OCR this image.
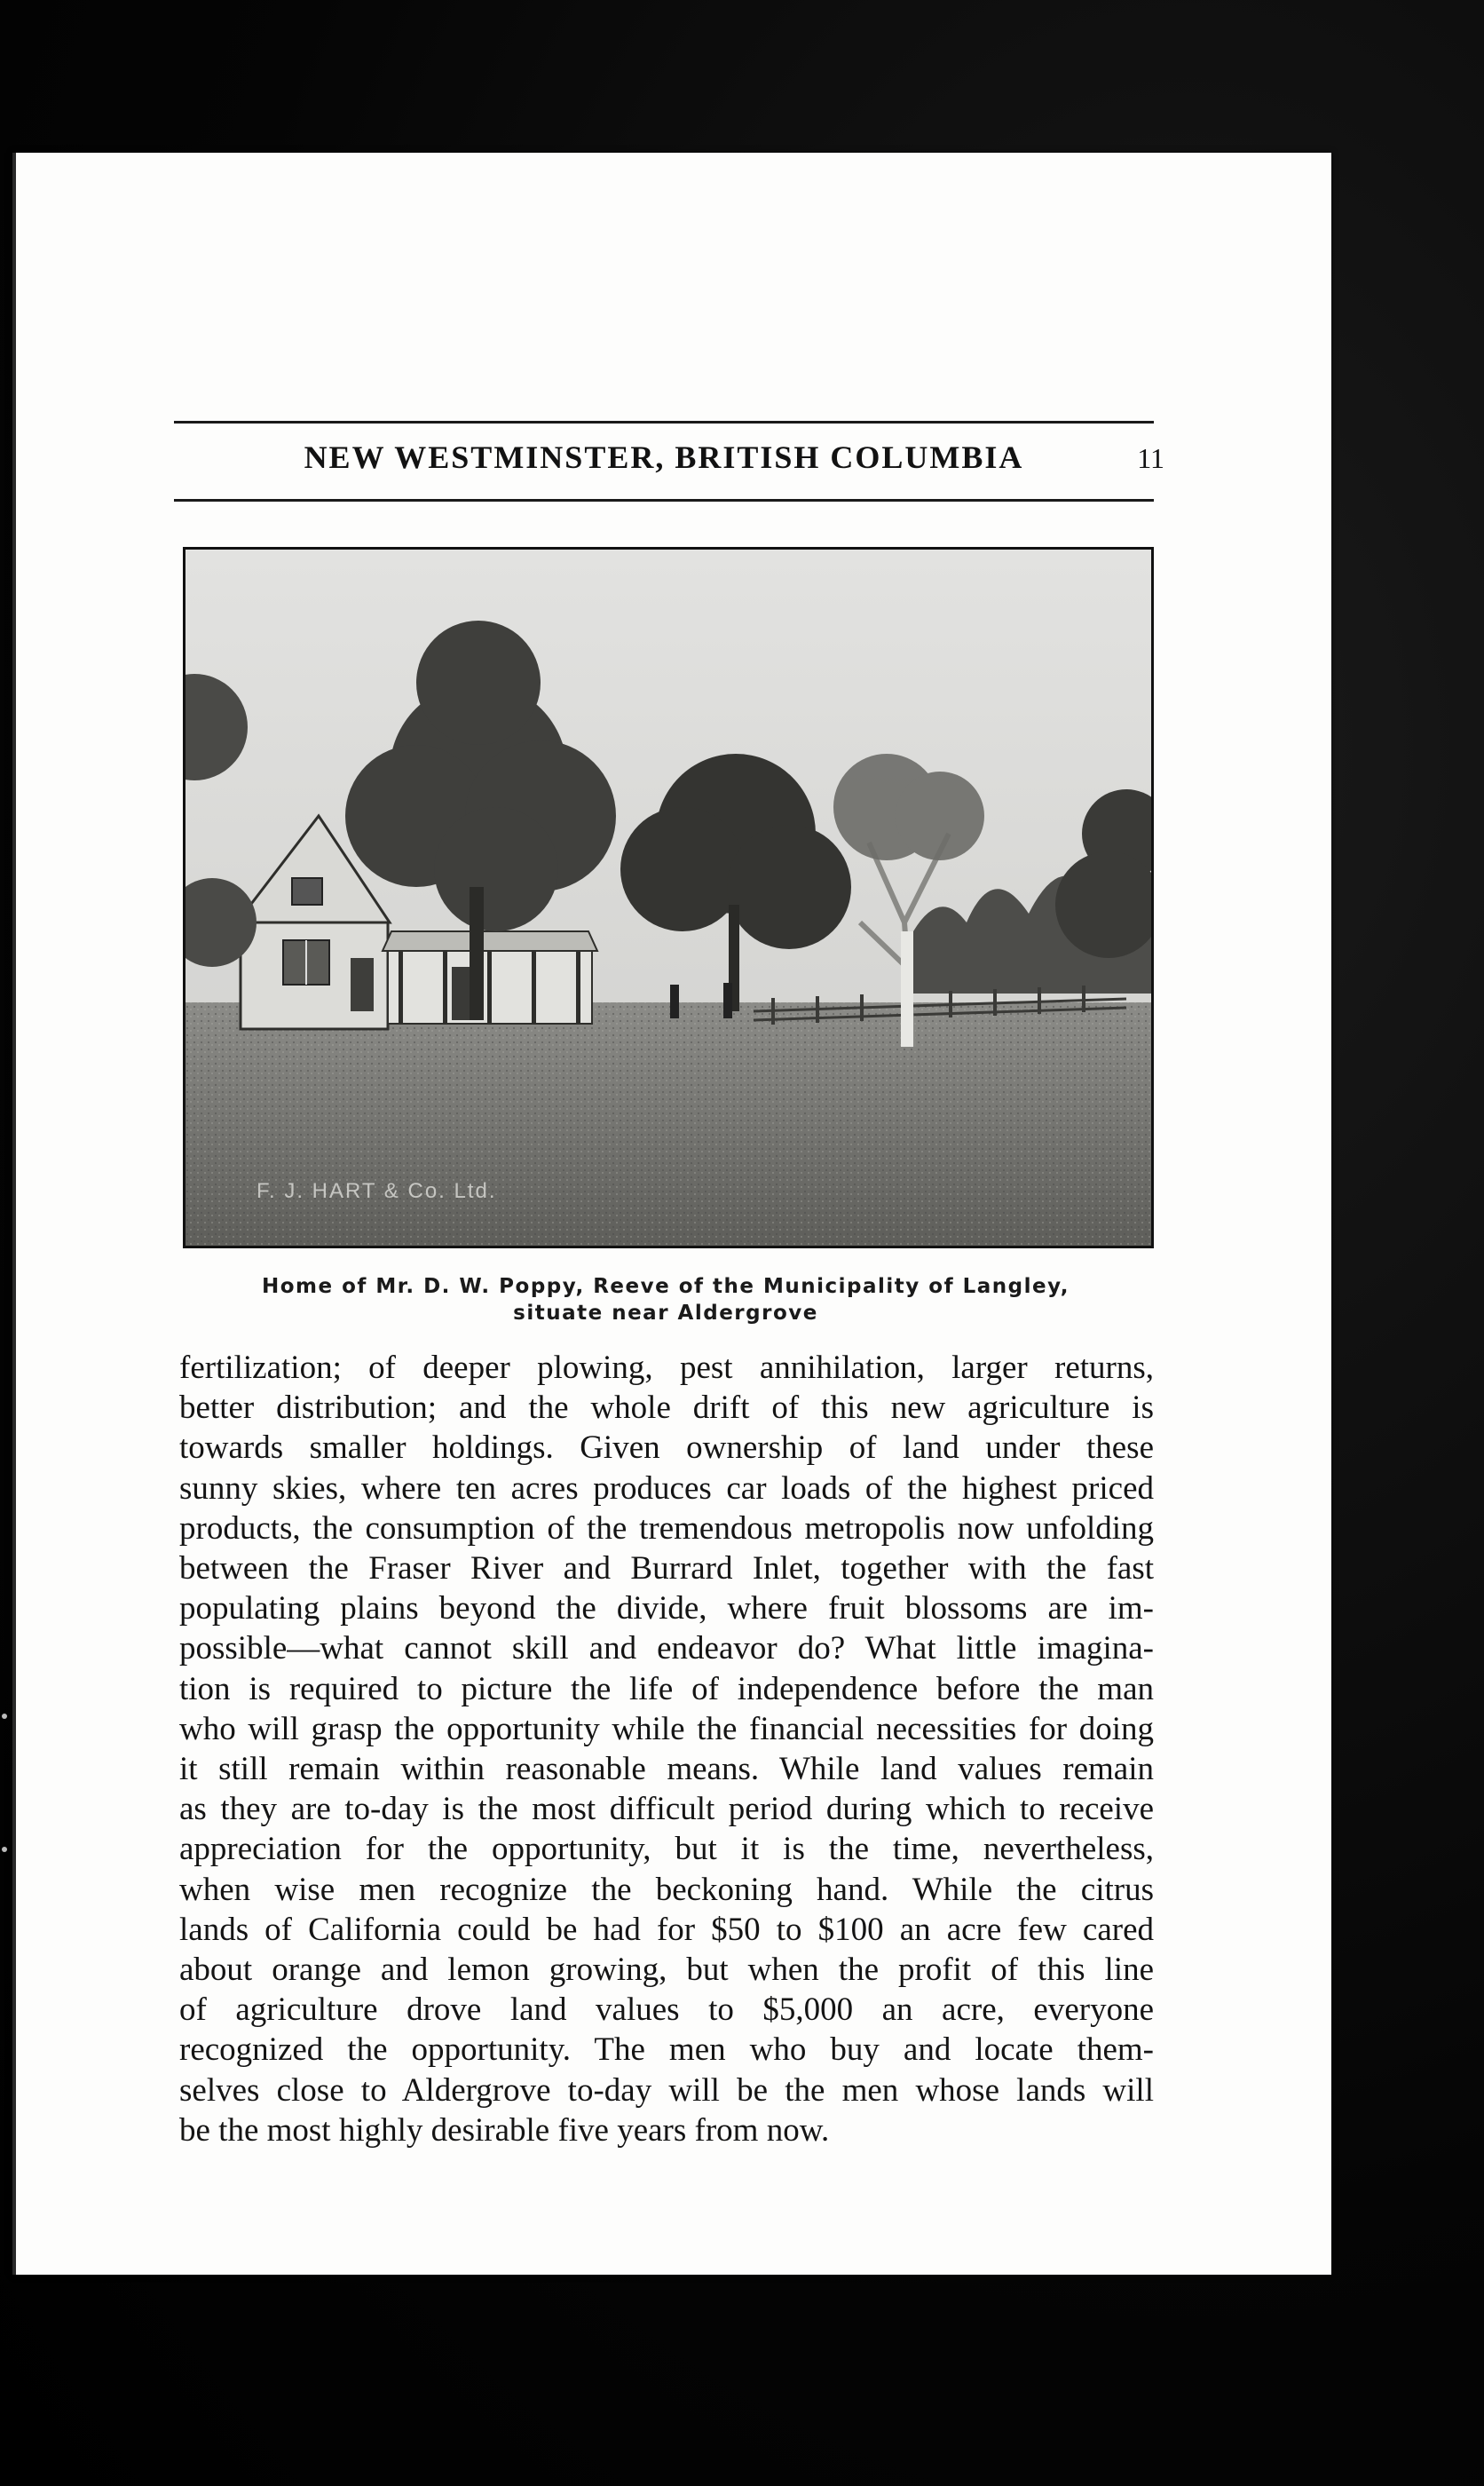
NEW WESTMINSTER, BRITISH COLUMBIA	11
F. J. HART & Co. Ltd.
Home of Mr. D. W. Poppy, Reeve of the Municipality of Langley,
situate near Aldergrove
fertilization; of deeper plowing, pest annihilation, larger returns,
better distribution; and the whole drift of this new agriculture is
towards smaller holdings. Given ownership of land under these
sunny skies, where ten acres produces car loads of the highest priced
products, the consumption of the tremendous metropolis now unfolding
between the Fraser River and Burrard Inlet, together with the fast
populating plains beyond the divide, where fruit blossoms are im-
possible—what cannot skill and endeavor do? What little imagina-
tion is required to picture the life of independence before the man
who will grasp the opportunity while the financial necessities for doing
it still remain within reasonable means. While land values remain
as they are to-day is the most difficult period during which to receive
appreciation for the opportunity, but it is the time, nevertheless,
when wise men recognize the beckoning hand. While the citrus
lands of California could be had for $50 to $100 an acre few cared
about orange and lemon growing, but when the profit of this line
of agriculture drove land values to $5,000 an acre, everyone
recognized the opportunity. The men who buy and locate them-
selves close to Aldergrove to-day will be the men whose lands will
be the most highly desirable five years from now.
